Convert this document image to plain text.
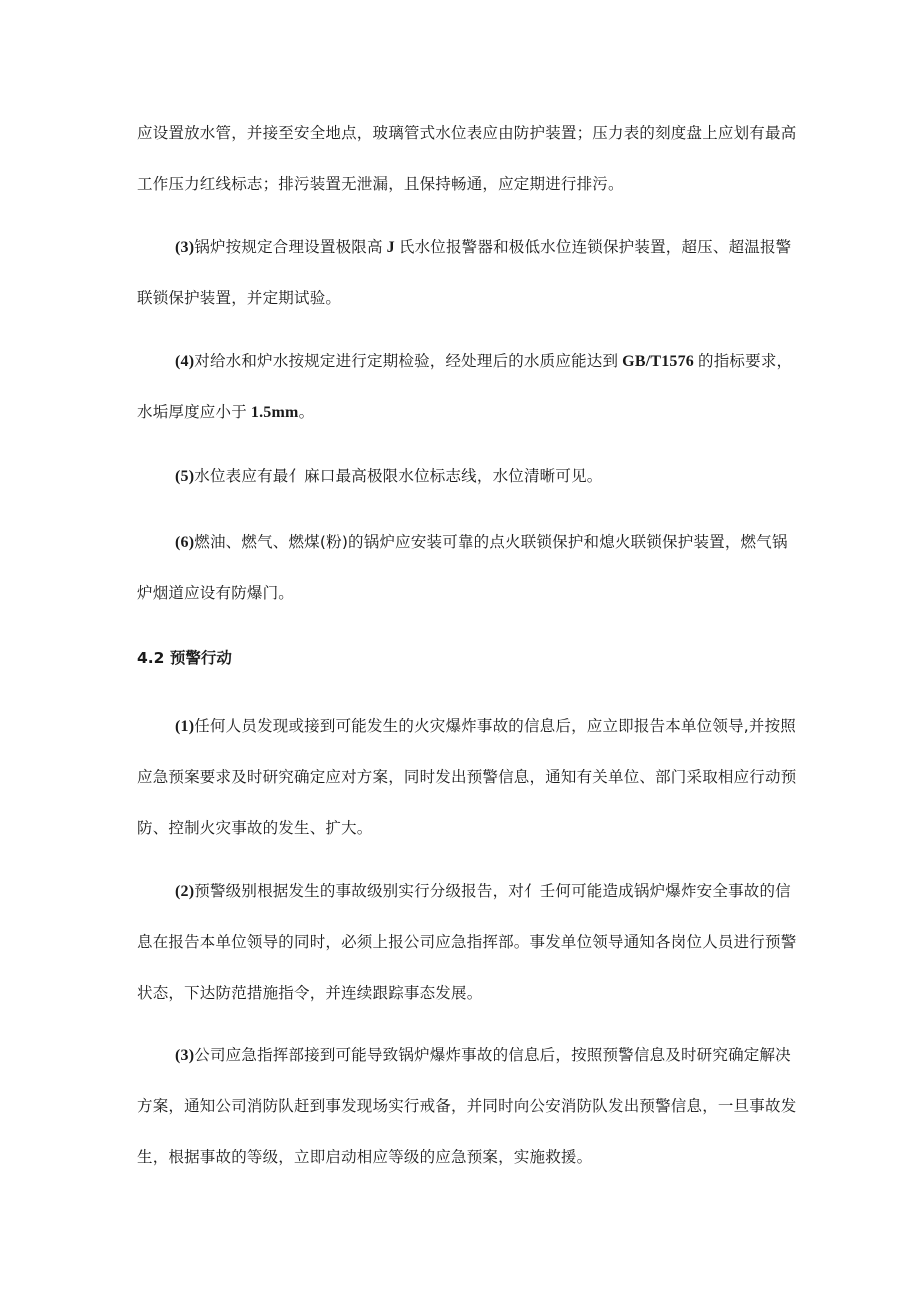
应设置放水管，并接至安全地点，玻璃管式水位表应由防护装置；压力表的刻度盘上应划有最高
工作压力红线标志；排污装置无泄漏，且保持畅通，应定期进行排污。

(3)锅炉按规定合理设置极限高 J 氏水位报警器和极低水位连锁保护装置，超压、超温报警
联锁保护装置，并定期试验。

(4)对给水和炉水按规定进行定期检验，经处理后的水质应能达到 GB/T1576 的指标要求，
水垢厚度应小于 1.5mm。

(5)水位表应有最亻麻口最高极限水位标志线，水位清晰可见。

(6)燃油、燃气、燃煤(粉)的锅炉应安装可靠的点火联锁保护和熄火联锁保护装置，燃气锅
炉烟道应设有防爆门。

4.2 预警行动

(1)任何人员发现或接到可能发生的火灾爆炸事故的信息后，应立即报告本单位领导,并按照
应急预案要求及时研究确定应对方案，同时发出预警信息，通知有关单位、部门采取相应行动预
防、控制火灾事故的发生、扩大。

(2)预警级别根据发生的事故级别实行分级报告，对亻壬何可能造成锅炉爆炸安全事故的信
息在报告本单位领导的同时，必须上报公司应急指挥部。事发单位领导通知各岗位人员进行预警
状态，下达防范措施指令，并连续跟踪事态发展。

(3)公司应急指挥部接到可能导致锅炉爆炸事故的信息后，按照预警信息及时研究确定解决
方案，通知公司消防队赶到事发现场实行戒备，并同时向公安消防队发出预警信息，一旦事故发
生，根据事故的等级，立即启动相应等级的应急预案，实施救援。
